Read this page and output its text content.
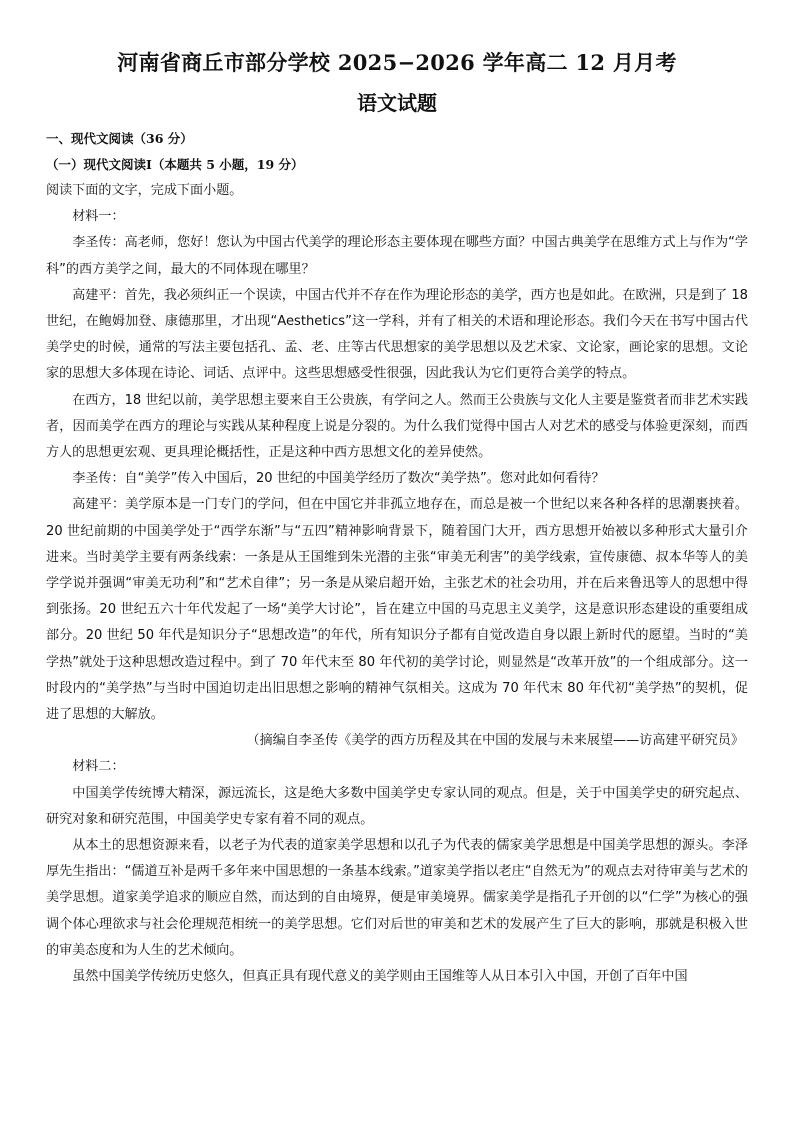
河南省商丘市部分学校 2025−2026 学年高二 12 月月考
语文试题

一、现代文阅读（36 分）

（一）现代文阅读Ⅰ（本题共 5 小题，19 分）

阅读下面的文字，完成下面小题。

材料一：

李圣传：高老师，您好！您认为中国古代美学的理论形态主要体现在哪些方面？中国古典美学在思维方式上与作为“学科”的西方美学之间，最大的不同体现在哪里？

高建平：首先，我必须纠正一个误读，中国古代并不存在作为理论形态的美学，西方也是如此。在欧洲，只是到了 18 世纪，在鲍姆加登、康德那里，才出现“Aesthetics”这一学科，并有了相关的术语和理论形态。我们今天在书写中国古代美学史的时候，通常的写法主要包括孔、孟、老、庄等古代思想家的美学思想以及艺术家、文论家，画论家的思想。文论家的思想大多体现在诗论、词话、点评中。这些思想感受性很强，因此我认为它们更符合美学的特点。

在西方，18 世纪以前，美学思想主要来自王公贵族，有学问之人。然而王公贵族与文化人主要是鉴赏者而非艺术实践者，因而美学在西方的理论与实践从某种程度上说是分裂的。为什么我们觉得中国古人对艺术的感受与体验更深刻，而西方人的思想更宏观、更具理论概括性，正是这种中西方思想文化的差异使然。

李圣传：自“美学”传入中国后，20 世纪的中国美学经历了数次“美学热”。您对此如何看待？

高建平：美学原本是一门专门的学问，但在中国它并非孤立地存在，而总是被一个世纪以来各种各样的思潮裹挟着。20 世纪前期的中国美学处于“西学东渐”与“五四”精神影响背景下，随着国门大开，西方思想开始被以多种形式大量引介进来。当时美学主要有两条线索：一条是从王国维到朱光潜的主张“审美无利害”的美学线索，宣传康德、叔本华等人的美学学说并强调“审美无功利”和“艺术自律”；另一条是从梁启超开始，主张艺术的社会功用，并在后来鲁迅等人的思想中得到张扬。20 世纪五六十年代发起了一场“美学大讨论”，旨在建立中国的马克思主义美学，这是意识形态建设的重要组成部分。20 世纪 50 年代是知识分子“思想改造”的年代，所有知识分子都有自觉改造自身以跟上新时代的愿望。当时的“美学热”就处于这种思想改造过程中。到了 70 年代末至 80 年代初的美学讨论，则显然是“改革开放”的一个组成部分。这一时段内的“美学热”与当时中国迫切走出旧思想之影响的精神气氛相关。这成为 70 年代末 80 年代初“美学热”的契机，促进了思想的大解放。

（摘编自李圣传《美学的西方历程及其在中国的发展与未来展望——访高建平研究员》

材料二：

中国美学传统博大精深，源远流长，这是绝大多数中国美学史专家认同的观点。但是，关于中国美学史的研究起点、研究对象和研究范围，中国美学史专家有着不同的观点。

从本土的思想资源来看，以老子为代表的道家美学思想和以孔子为代表的儒家美学思想是中国美学思想的源头。李泽厚先生指出：“儒道互补是两千多年来中国思想的一条基本线索。”道家美学指以老庄“自然无为”的观点去对待审美与艺术的美学思想。道家美学追求的顺应自然，而达到的自由境界，便是审美境界。儒家美学是指孔子开创的以“仁学”为核心的强调个体心理欲求与社会伦理规范相统一的美学思想。它们对后世的审美和艺术的发展产生了巨大的影响，那就是积极入世的审美态度和为人生的艺术倾向。

虽然中国美学传统历史悠久，但真正具有现代意义的美学则由王国维等人从日本引入中国，开创了百年中国
